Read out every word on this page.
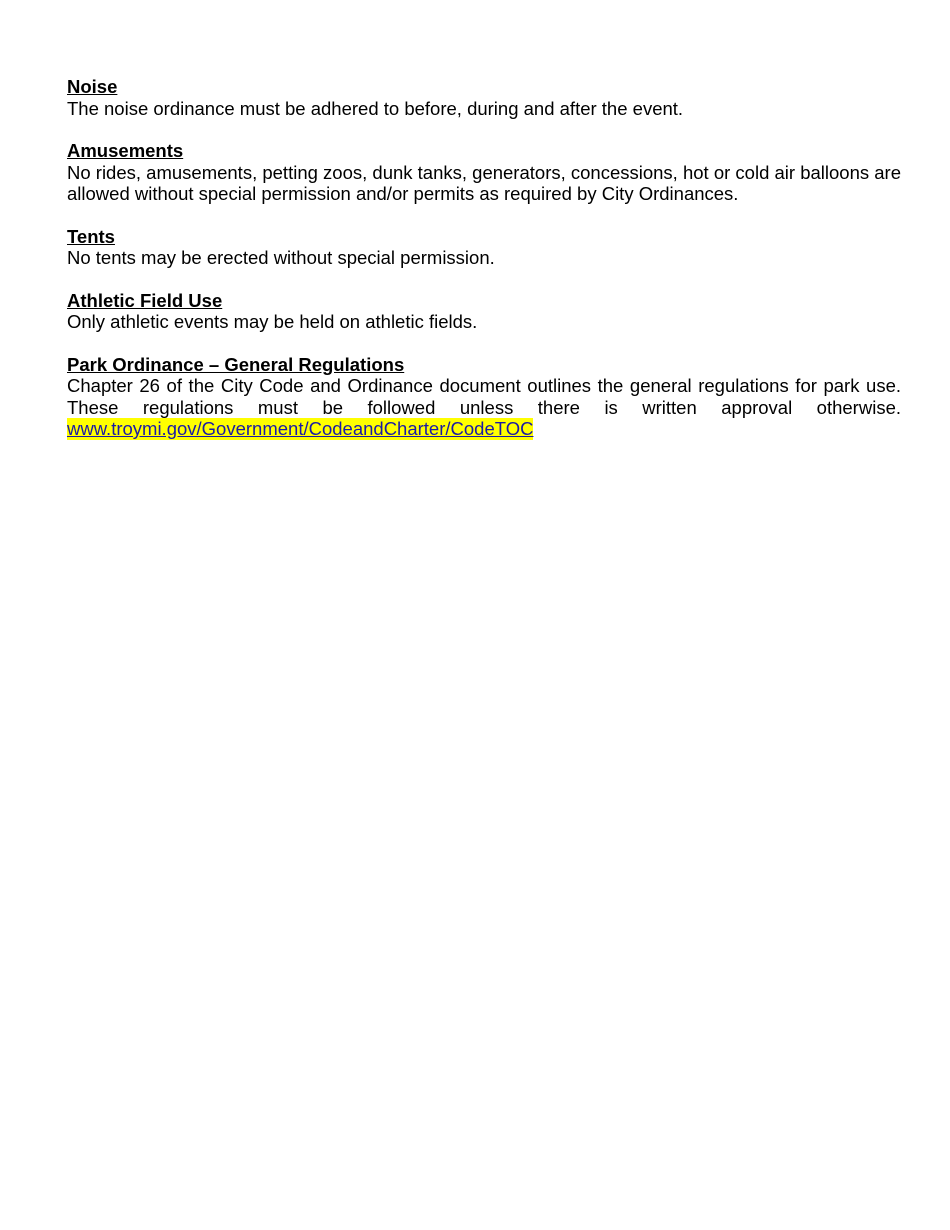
Noise

The noise ordinance must be adhered to before, during and after the event.

Amusements

No rides, amusements, petting zoos, dunk tanks, generators, concessions, hot or cold air balloons are allowed without special permission and/or permits as required by City Ordinances.

Tents

No tents may be erected without special permission.

Athletic Field Use

Only athletic events may be held on athletic fields.

Park Ordinance – General Regulations

Chapter 26 of the City Code and Ordinance document outlines the general regulations for park use. These regulations must be followed unless there is written approval otherwise.

www.troymi.gov/Government/CodeandCharter/CodeTOC
